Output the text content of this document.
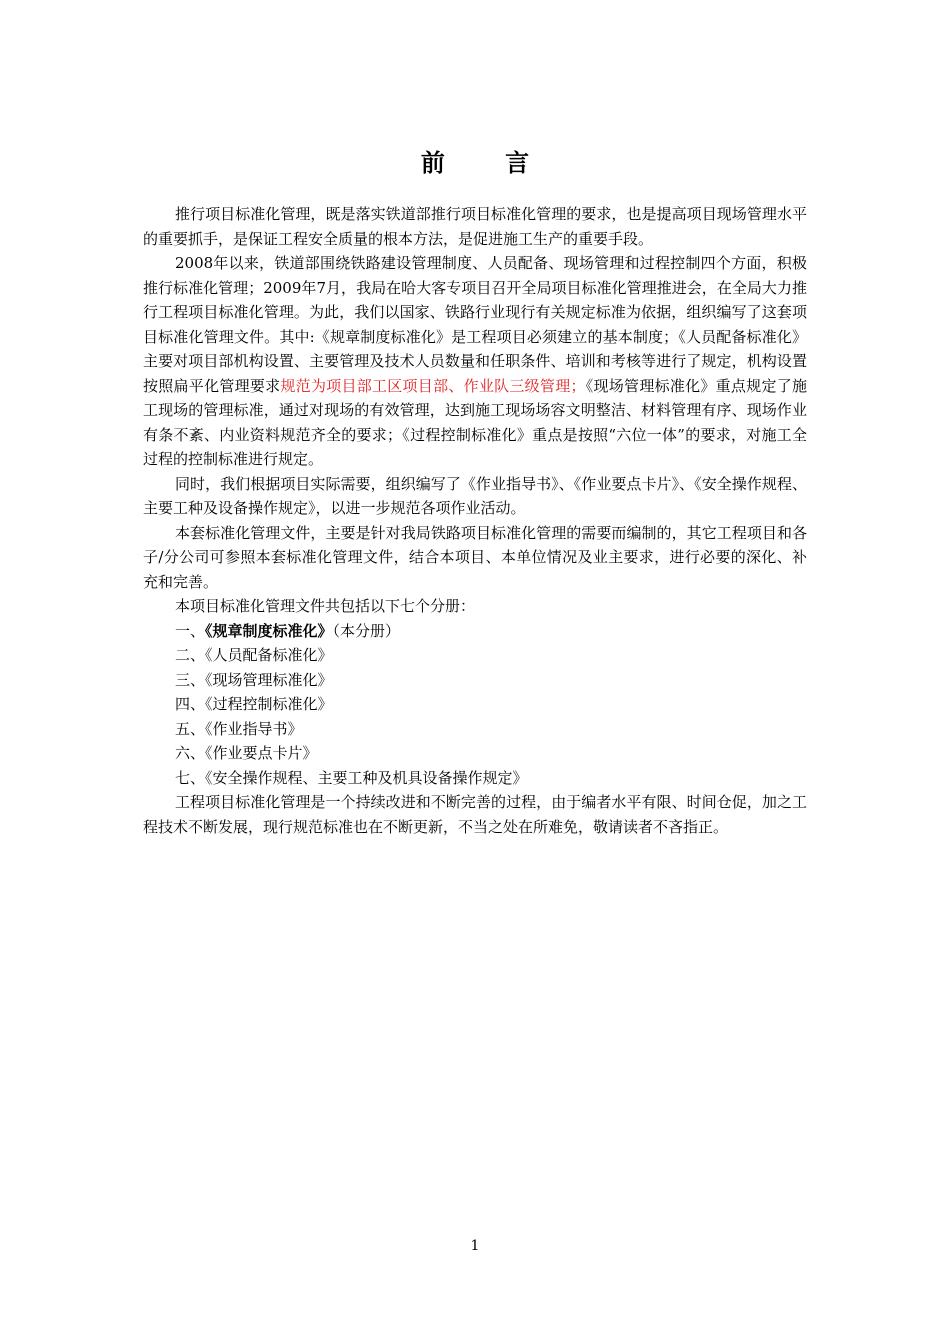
前 言

推行项目标准化管理，既是落实铁道部推行项目标准化管理的要求，也是提高项目现场管理水平的重要抓手，是保证工程安全质量的根本方法，是促进施工生产的重要手段。

2008年以来，铁道部围绕铁路建设管理制度、人员配备、现场管理和过程控制四个方面，积极推行标准化管理；2009年7月，我局在哈大客专项目召开全局项目标准化管理推进会，在全局大力推行工程项目标准化管理。为此，我们以国家、铁路行业现行有关规定标准为依据，组织编写了这套项目标准化管理文件。其中:《规章制度标准化》是工程项目必须建立的基本制度；《人员配备标准化》主要对项目部机构设置、主要管理及技术人员数量和任职条件、培训和考核等进行了规定，机构设置按照扁平化管理要求规范为项目部工区项目部、作业队三级管理；《现场管理标准化》重点规定了施工现场的管理标准，通过对现场的有效管理，达到施工现场场容文明整洁、材料管理有序、现场作业有条不紊、内业资料规范齐全的要求；《过程控制标准化》重点是按照“六位一体”的要求，对施工全过程的控制标准进行规定。

同时，我们根据项目实际需要，组织编写了《作业指导书》、《作业要点卡片》、《安全操作规程、主要工种及设备操作规定》，以进一步规范各项作业活动。

本套标准化管理文件，主要是针对我局铁路项目标准化管理的需要而编制的，其它工程项目和各子/分公司可参照本套标准化管理文件，结合本项目、本单位情况及业主要求，进行必要的深化、补充和完善。

本项目标准化管理文件共包括以下七个分册：

一、《规章制度标准化》（本分册）
二、《人员配备标准化》
三、《现场管理标准化》
四、《过程控制标准化》
五、《作业指导书》
六、《作业要点卡片》
七、《安全操作规程、主要工种及机具设备操作规定》

工程项目标准化管理是一个持续改进和不断完善的过程，由于编者水平有限、时间仓促，加之工程技术不断发展，现行规范标准也在不断更新，不当之处在所难免，敬请读者不吝指正。

1
